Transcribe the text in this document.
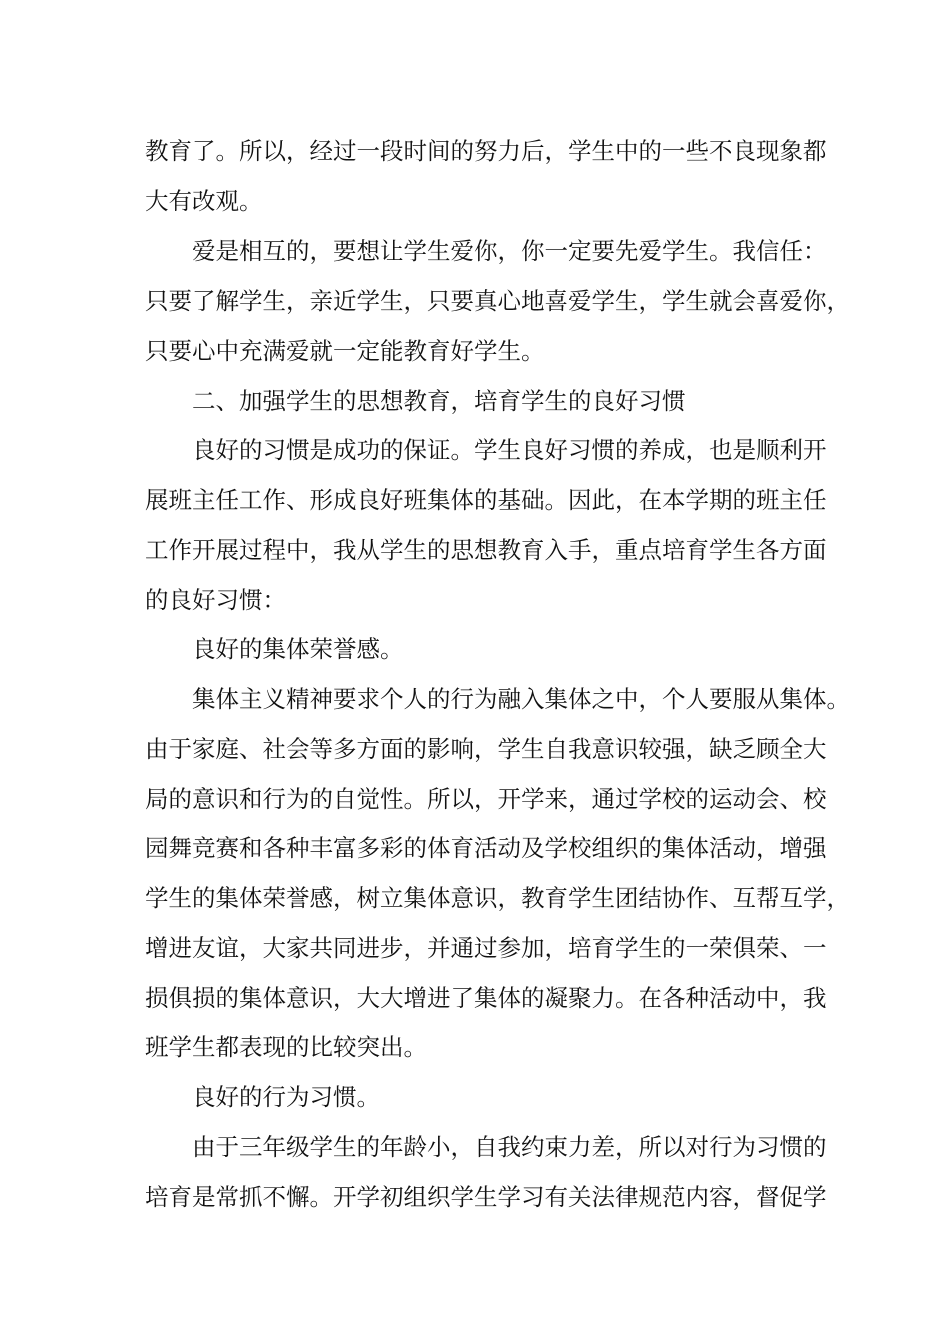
教育了。所以，经过一段时间的努力后，学生中的一些不良现象都
大有改观。
爱是相互的，要想让学生爱你，你一定要先爱学生。我信任：
只要了解学生，亲近学生，只要真心地喜爱学生，学生就会喜爱你，
只要心中充满爱就一定能教育好学生。
二、加强学生的思想教育，培育学生的良好习惯
良好的习惯是成功的保证。学生良好习惯的养成，也是顺利开
展班主任工作、形成良好班集体的基础。因此，在本学期的班主任
工作开展过程中，我从学生的思想教育入手，重点培育学生各方面
的良好习惯：
良好的集体荣誉感。
集体主义精神要求个人的行为融入集体之中，个人要服从集体。
由于家庭、社会等多方面的影响，学生自我意识较强，缺乏顾全大
局的意识和行为的自觉性。所以，开学来，通过学校的运动会、校
园舞竞赛和各种丰富多彩的体育活动及学校组织的集体活动，增强
学生的集体荣誉感，树立集体意识，教育学生团结协作、互帮互学，
增进友谊，大家共同进步，并通过参加，培育学生的一荣俱荣、一
损俱损的集体意识，大大增进了集体的凝聚力。在各种活动中，我
班学生都表现的比较突出。
良好的行为习惯。
由于三年级学生的年龄小，自我约束力差，所以对行为习惯的
培育是常抓不懈。开学初组织学生学习有关法律规范内容，督促学
